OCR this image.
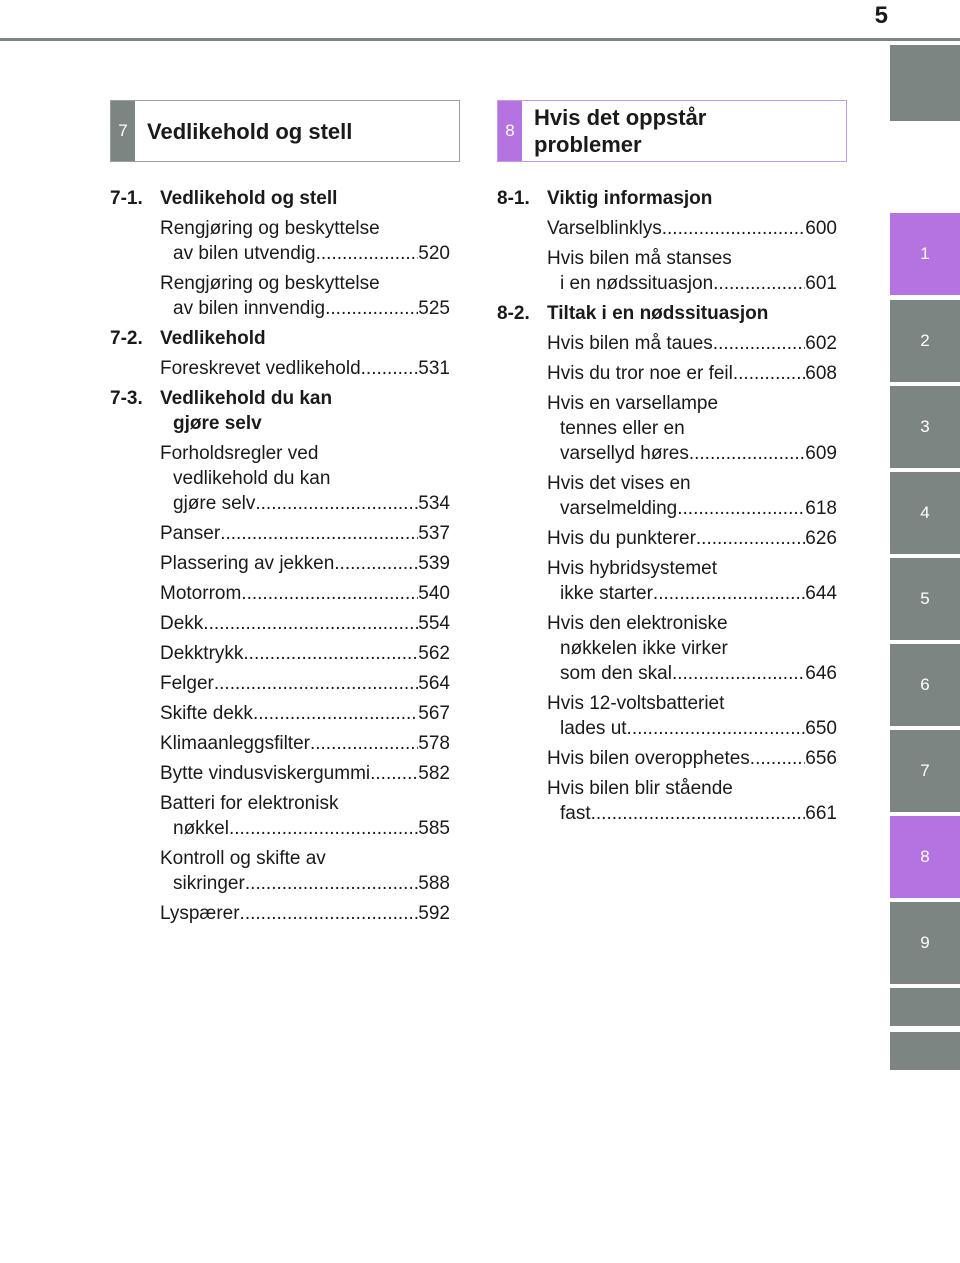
5
1
2
3
4
5
6
7
8
9
7 Vedlikehold og stell	8
Hvis det oppstår
problemer
7-1. Vedlikehold og stell
Rengjøring og beskyttelse
av bilen utvendig .....	520
Rengjøring og beskyttelse
av bilen innvendig .....	525
7-2. Vedlikehold
Foreskrevet vedlikehold .....	531
7-3. Vedlikehold du kan
gjøre selv
Forholdsregler ved
vedlikehold du kan
gjøre selv .....	534
Panser .....	537
Plassering av jekken .....	539
Motorrom .....	540
Dekk .....	554
Dekktrykk .....	562
Felger .....	564
Skifte dekk .....	567
Klimaanleggsfilter .....	578
Bytte vindusviskergummi .....	582
Batteri for elektronisk
nøkkel .....	585
Kontroll og skifte av
sikringer .....	588
Lyspærer .....	592
8-1. Viktig informasjon
Varselblinklys .....	600
Hvis bilen må stanses
i en nødssituasjon .....	601
8-2. Tiltak i en nødssituasjon
Hvis bilen må taues .....	602
Hvis du tror noe er feil .....	608
Hvis en varsellampe
tennes eller en
varsellyd høres .....	609
Hvis det vises en
varselmelding .....	618
Hvis du punkterer .....	626
Hvis hybridsystemet
ikke starter .....	644
Hvis den elektroniske
nøkkelen ikke virker
som den skal .....	646
Hvis 12-voltsbatteriet
lades ut .....	650
Hvis bilen overopphetes .....	656
Hvis bilen blir stående
fast .....	661
